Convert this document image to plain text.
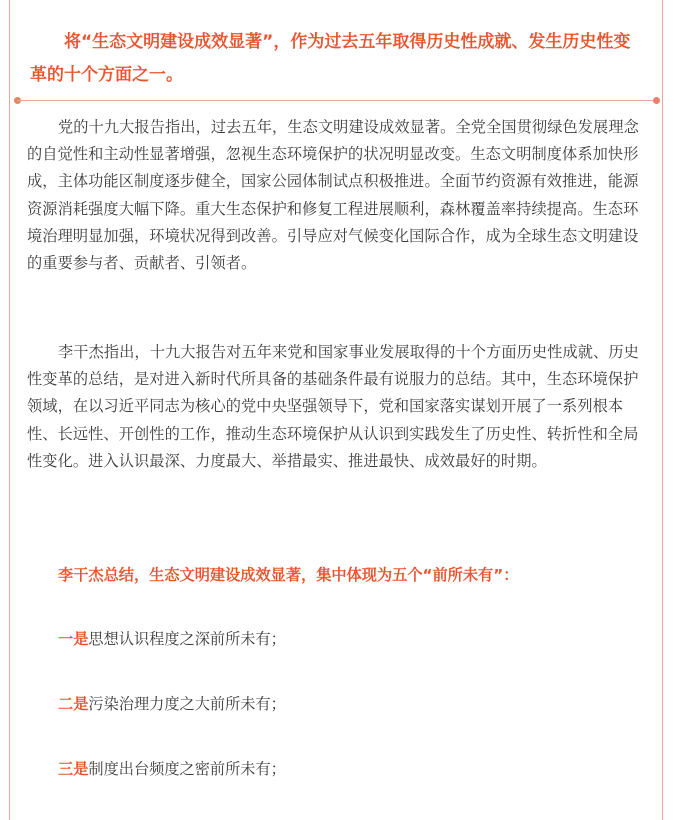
将“生态文明建设成效显著”，作为过去五年取得历史性成就、发生历史性变革的十个方面之一。

党的十九大报告指出，过去五年，生态文明建设成效显著。全党全国贯彻绿色发展理念的自觉性和主动性显著增强，忽视生态环境保护的状况明显改变。生态文明制度体系加快形成，主体功能区制度逐步健全，国家公园体制试点积极推进。全面节约资源有效推进，能源资源消耗强度大幅下降。重大生态保护和修复工程进展顺利，森林覆盖率持续提高。生态环境治理明显加强，环境状况得到改善。引导应对气候变化国际合作，成为全球生态文明建设的重要参与者、贡献者、引领者。

李干杰指出，十九大报告对五年来党和国家事业发展取得的十个方面历史性成就、历史性变革的总结，是对进入新时代所具备的基础条件最有说服力的总结。其中，生态环境保护领域，在以习近平同志为核心的党中央坚强领导下，党和国家落实谋划开展了一系列根本性、长远性、开创性的工作，推动生态环境保护从认识到实践发生了历史性、转折性和全局性变化。进入认识最深、力度最大、举措最实、推进最快、成效最好的时期。

李干杰总结，生态文明建设成效显著，集中体现为五个“前所未有”：

一是思想认识程度之深前所未有；

二是污染治理力度之大前所未有；

三是制度出台频度之密前所未有；
